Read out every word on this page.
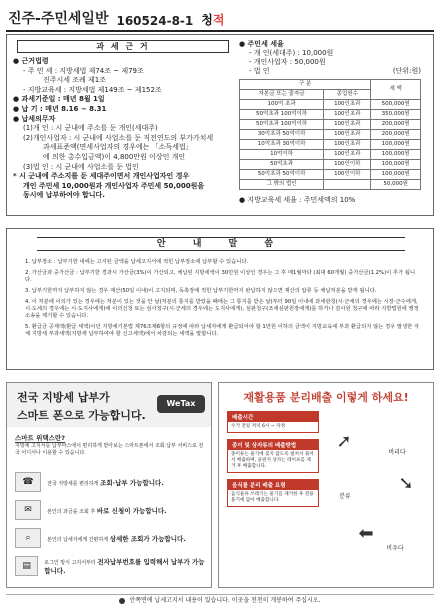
진주-주민세일반 160524-8-1 청 적
과 세 근 거
● 근거법령
- 주 민 세 : 지방세법 제74조 ~ 제79조
진주시세 조례 제1조
- 지방교육세 : 지방세법 제149조 ~ 제152조
● 과세기준일 : 매년 8월 1일
● 납 기 : 매년 8.16 ~ 8.31
● 납세의무자
(1)개 인 : 시 군내에 주소를 둔 개인(세대주)
(2)개인사업자 : 시 군내에 사업소를 둔 직전연도의 부가가치세
과세표준액(면세사업자의 경우에는 「소득세법」
에 의한 총수입금액)이 4,800만원 이상인 개인
(3)법 인 : 시 군내에 사업소를 둔 법인
* 시 군내에 주소지를 둔 세대주이면서 개인사업자인 경우
개인 주민세 10,000원과 개인사업자 주민세 50,000원을
동시에 납부하여야 합니다.
● 주민세 세율
- 개 인(세대주) : 10,000원
- 개인사업자 : 50,000원
- 법 인	(단위:원)
구 분		세 액
자본금 또는 출자금	종업원수	
100억 초과	100인초과	500,000원
50억초과 100억이하	100인초과	350,000원
50억초과 100억이하	100인초과	200,000원
30억초과 50억이하	100인초과	200,000원
10억초과 30억이하	100인초과	100,000원
10억이하	100인초과	100,000원
50억초과	100인이하	100,000원
50억초과 50억이하	100인이하	100,000원
그 밖의 법인		50,000원
● 지방교육세 세율 : 주민세액의 10%
안 내 말 씀
1. 납부장소 : 납부기한 내에는 고지된 금액을 납세고지서에 적힌 납부장소에 납부할 수 있습니다.
2. 가산금과 중가산금 : 납부기한 경과시 가산금(3%)이 가산되고, 체납된 지방세액이 30만원 이상인 경우는 그 후 매1월마다 (최대 60개월) 중가산금(1.2%)이 추가 됩니다.
3. 납부기한까지 납부하지 않는 경우 재산(50일 이내)이 고지되며, 독촉장에 적힌 납부기한까지 완납하지 않으면 재산의 압류 등 체납처분을 받게 됩니다.
4. 이 처분에 이의가 있는 경우에는 처분이 있는 것을 안 날(처분의 통지를 받았을 때에는 그 통지를 받은 날)부터 90일 이내에 과세관청(시·군세의 경우에는 시장·군수에게, 시·도세의 경우에는 시·도지사에게)에 이의신청 또는 심사청구(시·군세의 경우에는 도지사에게), 심판청구(조세심판원장에게)를 하거나 감사원 청구에 따라 지방법원에 행정소송을 제기할 수 있습니다.
5. 환급금 공제액(환급 세액)이던 지방세기본법 제76조제6항의 규정에 따라 납세자에게 환급되어야 할 1만원 이하의 금액이 지방교육세 부과 환급되지 않는 경우 발생한 자체 지방세 부과세액(지방세 납부하여야 할 신고세액)에서 차감되는 세액을 말합니다.
전국 지방세 납부가
스마트 폰으로 가능합니다.
WeTax
스마트 위택스란?
지방세 고지서를 납부마스에서 편리하게 받아보는 스마트폰에서 조회·납부 서비스로 전국 어디서나 이용할 수 있습니다.
☎	전국 지방세를 편리하게 조회·납부 가능합니다.
✉	본인의 과금을 조회 후 바로 신청이 가능합니다.
⌕	본인의 납세자에게 간편하게 상세한 조회가 가능합니다.
▤	로그인 방식 고지서부터 전자납부번호를 입력해서 납부가 가능합니다.
재활용품 분리배출 이렇게 하세요!
배출시간
수거 전일 저녁 6시 ~ 자정
종이 및 상자류의 배출방법
종이류는 물기에 젖지 않도록 펼쳐서 묶어서 배출하며, 골판지 상자는 테이프를 제거 후 배출합니다.
음식물 분리 배출 요령
음식물류 쓰레기는 물기를 제거한 후 전용 용기에 담아 배출합니다.
➚
➘
⬅
버리다
분류
비우다
안쪽면에 납세고지서 내용이 있습니다. 이곳을 천천히 개봉하여 주십시오.
